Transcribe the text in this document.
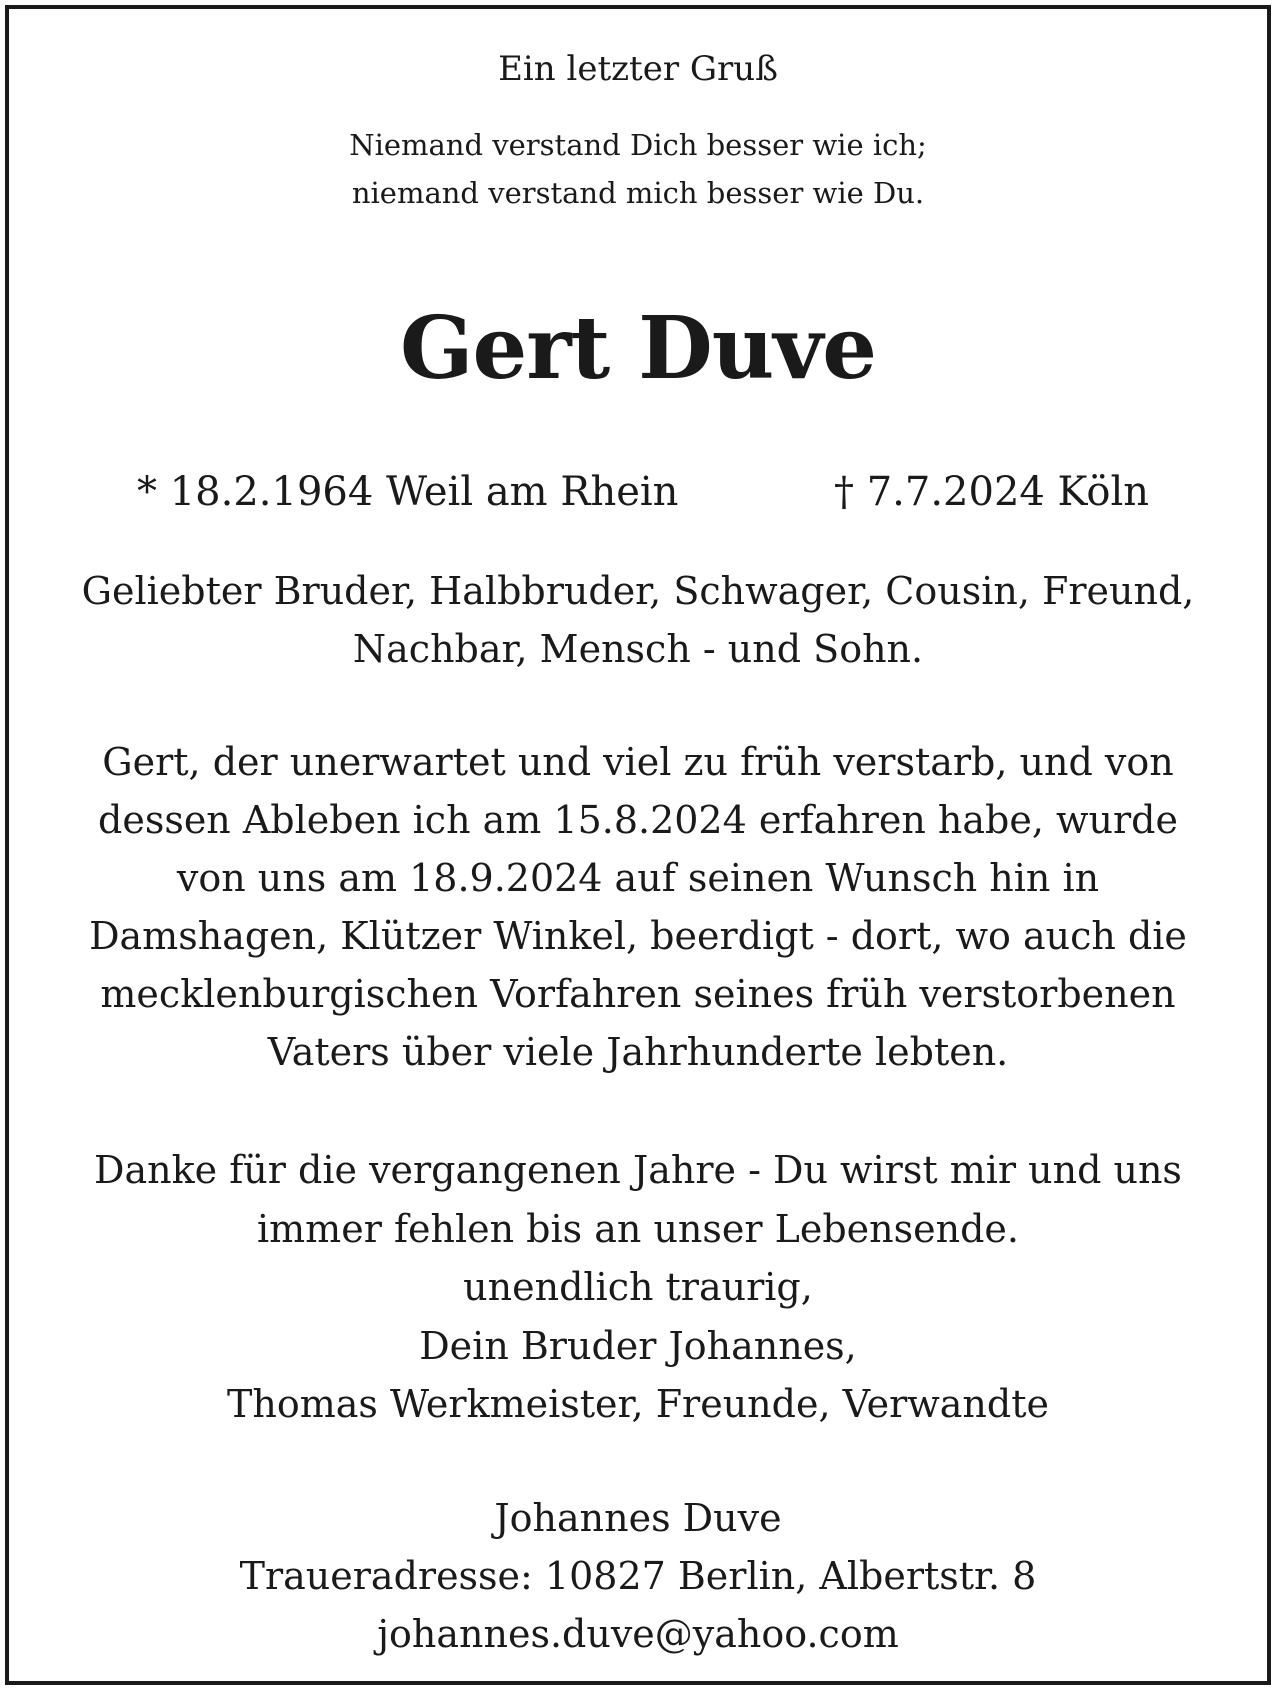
Ein letzter Gruß
Niemand verstand Dich besser wie ich;
niemand verstand mich besser wie Du.
Gert Duve
* 18.2.1964 Weil am Rhein	† 7.7.2024 Köln
Geliebter Bruder, Halbbruder, Schwager, Cousin, Freund,
Nachbar, Mensch - und Sohn.
Gert, der unerwartet und viel zu früh verstarb, und von
dessen Ableben ich am 15.8.2024 erfahren habe, wurde
von uns am 18.9.2024 auf seinen Wunsch hin in
Damshagen, Klützer Winkel, beerdigt - dort, wo auch die
mecklenburgischen Vorfahren seines früh verstorbenen
Vaters über viele Jahrhunderte lebten.
Danke für die vergangenen Jahre - Du wirst mir und uns
immer fehlen bis an unser Lebensende.
unendlich traurig,
Dein Bruder Johannes,
Thomas Werkmeister, Freunde, Verwandte
Johannes Duve
Traueradresse: 10827 Berlin, Albertstr. 8
johannes.duve@yahoo.com
